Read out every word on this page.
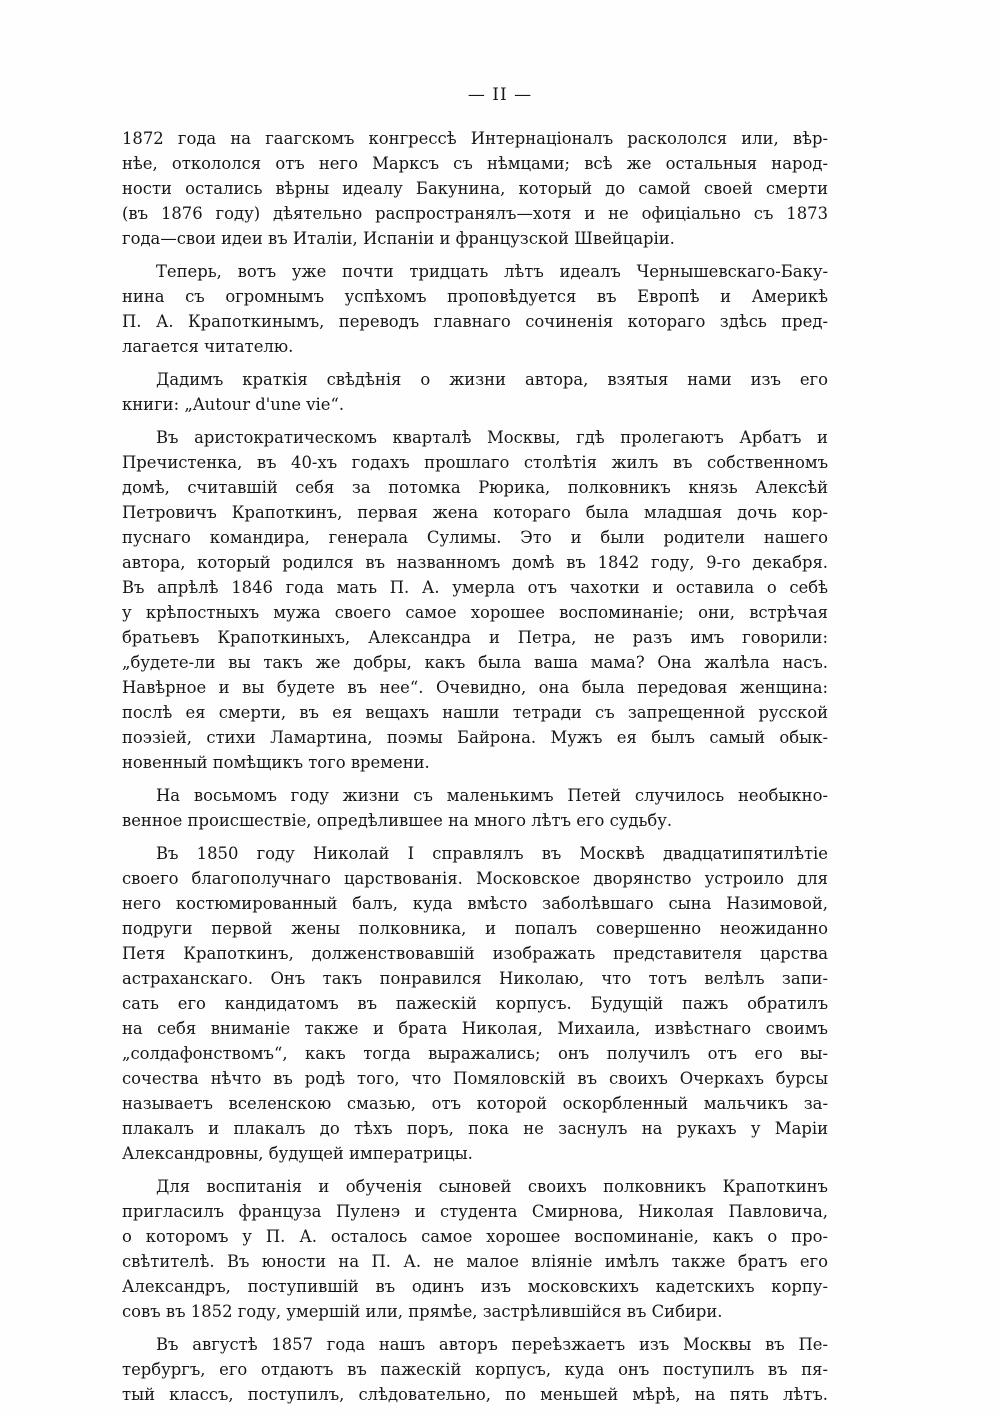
— II —
1872 года на гаагскомъ конгрессѣ Интернаціоналъ раскололся или, вѣр-
нѣе, откололся отъ него Марксъ съ нѣмцами; всѣ же остальныя народ-
ности остались вѣрны идеалу Бакунина, который до самой своей смерти
(въ 1876 году) дѣятельно распространялъ—хотя и не офиціально съ 1873
года—свои идеи въ Италіи, Испаніи и французской Швейцаріи.
Теперь, вотъ уже почти тридцать лѣтъ идеалъ Чернышевскаго-Баку-
нина съ огромнымъ успѣхомъ проповѣдуется въ Европѣ и Америкѣ
П. А. Крапоткинымъ, переводъ главнаго сочиненія котораго здѣсь пред-
лагается читателю.
Дадимъ краткія свѣдѣнія о жизни автора, взятыя нами изъ его
книги: „Autour d'une vie“.
Въ аристократическомъ кварталѣ Москвы, гдѣ пролегаютъ Арбатъ и
Пречистенка, въ 40-хъ годахъ прошлаго столѣтія жилъ въ собственномъ
домѣ, считавшій себя за потомка Рюрика, полковникъ князь Алексѣй
Петровичъ Крапоткинъ, первая жена котораго была младшая дочь кор-
пуснаго командира, генерала Сулимы. Это и были родители нашего
автора, который родился въ названномъ домѣ въ 1842 году, 9-го декабря.
Въ апрѣлѣ 1846 года мать П. А. умерла отъ чахотки и оставила о себѣ
у крѣпостныхъ мужа своего самое хорошее воспоминаніе; они, встрѣчая
братьевъ Крапоткиныхъ, Александра и Петра, не разъ имъ говорили:
„будете-ли вы такъ же добры, какъ была ваша мама? Она жалѣла насъ.
Навѣрное и вы будете въ нее“. Очевидно, она была передовая женщина:
послѣ ея смерти, въ ея вещахъ нашли тетради съ запрещенной русской
поэзіей, стихи Ламартина, поэмы Байрона. Мужъ ея былъ самый обык-
новенный помѣщикъ того времени.
На восьмомъ году жизни съ маленькимъ Петей случилось необыкно-
венное происшествіе, опредѣлившее на много лѣтъ его судьбу.
Въ 1850 году Николай I справлялъ въ Москвѣ двадцатипятилѣтіе
своего благополучнаго царствованія. Московское дворянство устроило для
него костюмированный балъ, куда вмѣсто заболѣвшаго сына Назимовой,
подруги первой жены полковника, и попалъ совершенно неожиданно
Петя Крапоткинъ, долженствовавшій изображать представителя царства
астраханскаго. Онъ такъ понравился Николаю, что тотъ велѣлъ запи-
сать его кандидатомъ въ пажескій корпусъ. Будущій пажъ обратилъ
на себя вниманіе также и брата Николая, Михаила, извѣстнаго своимъ
„солдафонствомъ“, какъ тогда выражались; онъ получилъ отъ его вы-
сочества нѣчто въ родѣ того, что Помяловскій въ своихъ Очеркахъ бурсы
называетъ вселенскою смазью, отъ которой оскорбленный мальчикъ за-
плакалъ и плакалъ до тѣхъ поръ, пока не заснулъ на рукахъ у Маріи
Александровны, будущей императрицы.
Для воспитанія и обученія сыновей своихъ полковникъ Крапоткинъ
пригласилъ француза Пуленэ и студента Смирнова, Николая Павловича,
о которомъ у П. А. осталось самое хорошее воспоминаніе, какъ о про-
свѣтителѣ. Въ юности на П. А. не малое вліяніе имѣлъ также братъ его
Александръ, поступившій въ одинъ изъ московскихъ кадетскихъ корпу-
совъ въ 1852 году, умершій или, прямѣе, застрѣлившійся въ Сибири.
Въ августѣ 1857 года нашъ авторъ переѣзжаетъ изъ Москвы въ Пе-
тербургъ, его отдаютъ въ пажескій корпусъ, куда онъ поступилъ въ пя-
тый классъ, поступилъ, слѣдовательно, по меньшей мѣрѣ, на пять лѣтъ.
